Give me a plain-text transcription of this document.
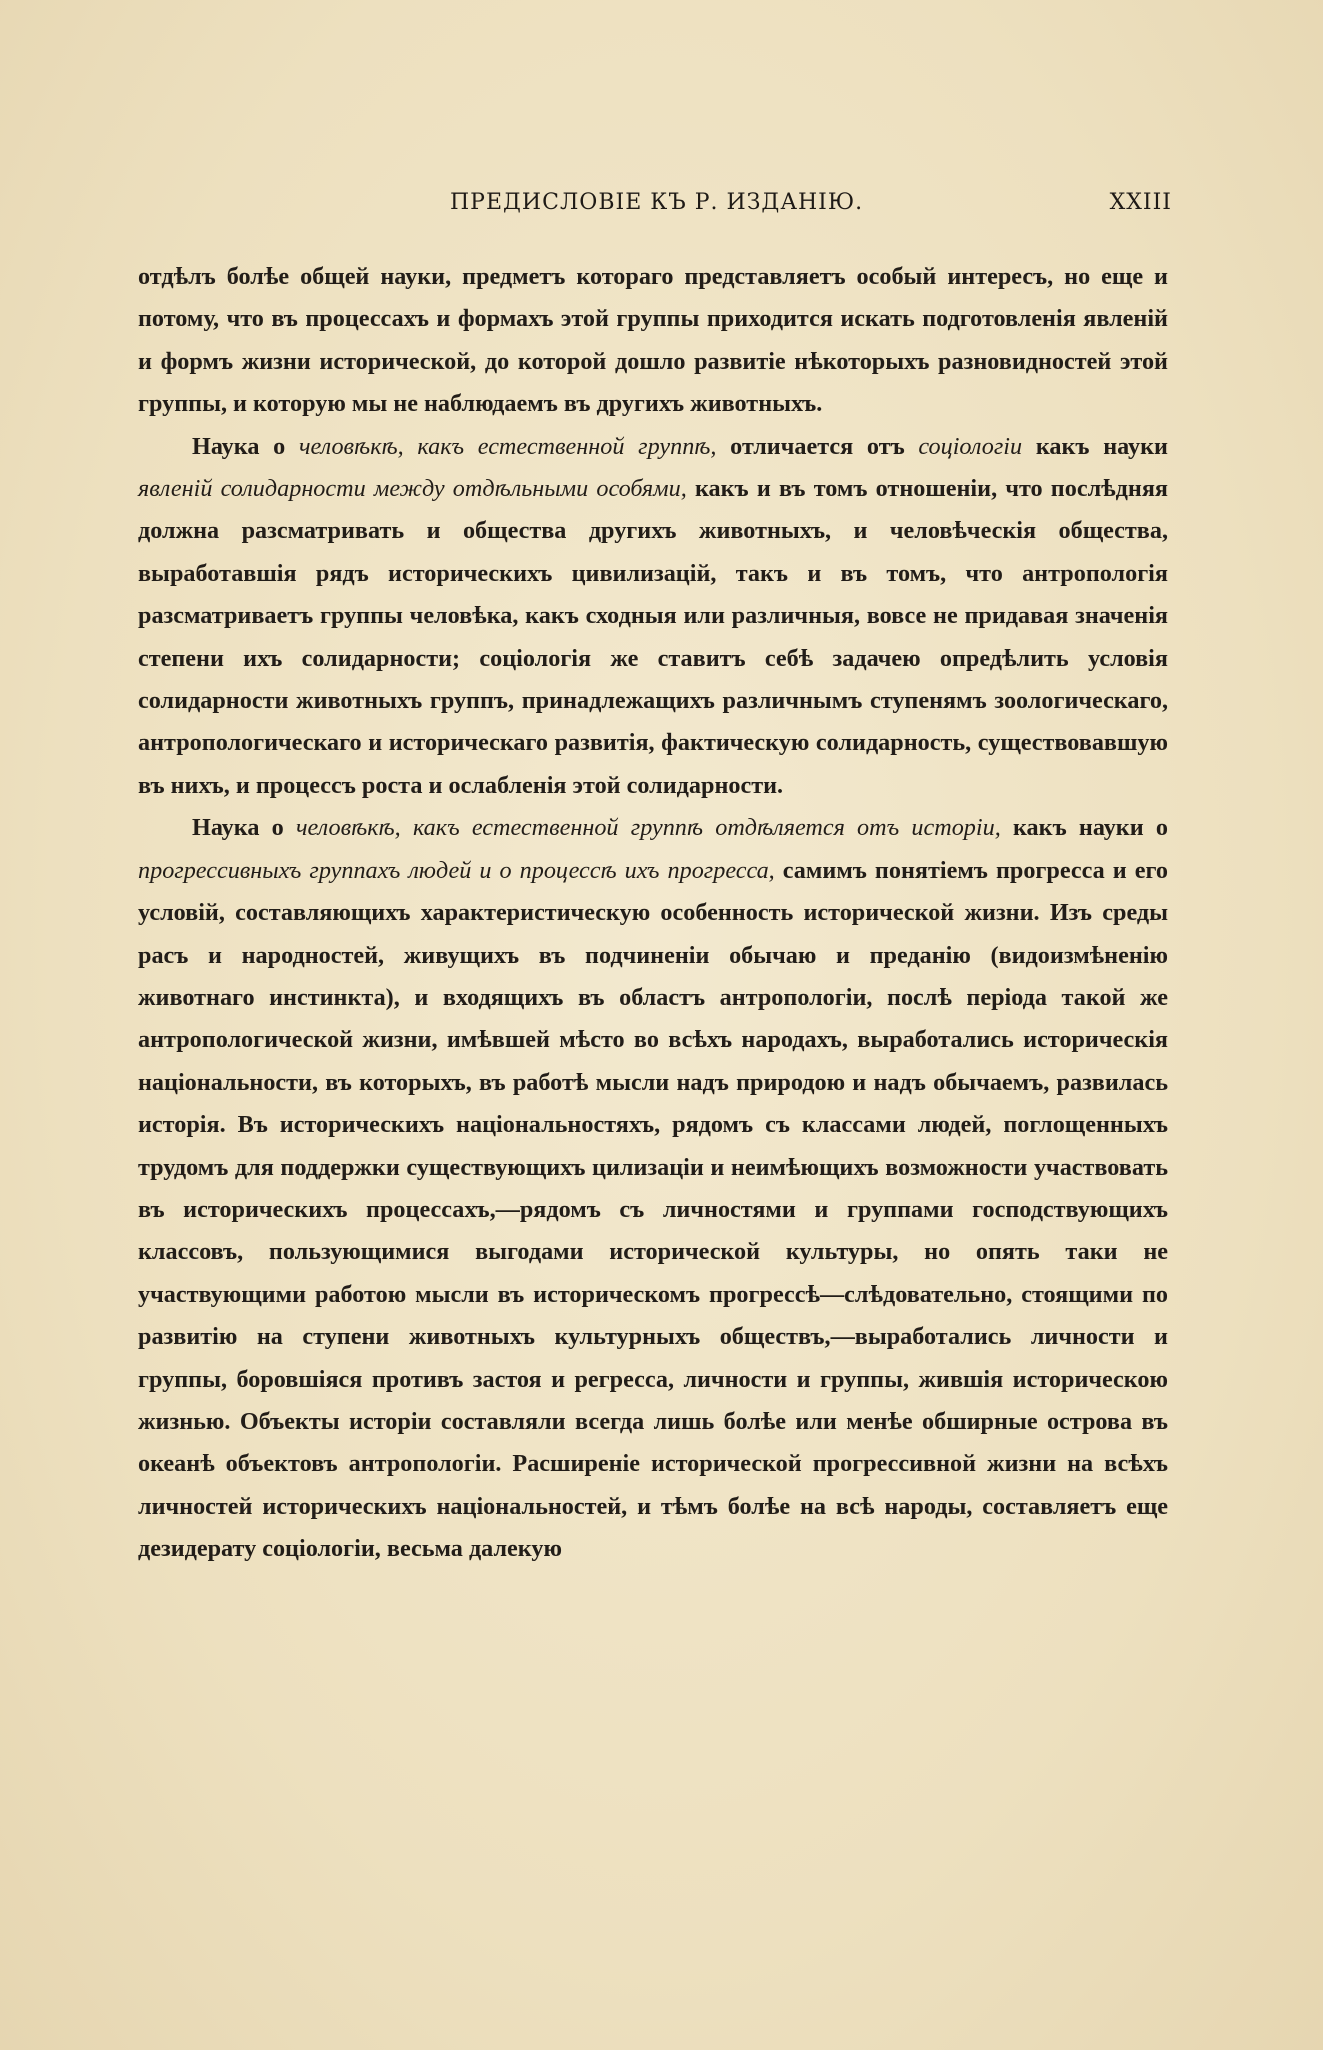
ПРЕДИСЛОВІЕ КЪ Р. ИЗДАНІЮ.	XXIII

отдѣлъ болѣе общей науки, предметъ котораго представляетъ особый интересъ, но еще и потому, что въ процессахъ и формахъ этой группы приходится искать подготовленія явленій и формъ жизни исторической, до которой дошло развитіе нѣкоторыхъ разновидностей этой группы, и которую мы не наблюдаемъ въ другихъ животныхъ.

Наука о человѣкѣ, какъ естественной группѣ, отличается отъ соціологіи какъ науки явленій солидарности между отдѣльными особями, какъ и въ томъ отношеніи, что послѣдняя должна разсматривать и общества другихъ животныхъ, и человѣческія общества, выработавшія рядъ историческихъ цивилизацій, такъ и въ томъ, что антропологія разсматриваетъ группы человѣка, какъ сходныя или различныя, вовсе не придавая значенія степени ихъ солидарности; соціологія же ставитъ себѣ задачею опредѣлить условія солидарности животныхъ группъ, принадлежащихъ различнымъ ступенямъ зоологическаго, антропологическаго и историческаго развитія, фактическую солидарность, существовавшую въ нихъ, и процессъ роста и ослабленія этой солидарности.

Наука о человѣкѣ, какъ естественной группѣ отдѣляется отъ исторіи, какъ науки о прогрессивныхъ группахъ людей и о процессѣ ихъ прогресса, самимъ понятіемъ прогресса и его условій, составляющихъ характеристическую особенность исторической жизни. Изъ среды расъ и народностей, живущихъ въ подчиненіи обычаю и преданію (видоизмѣненію животнаго инстинкта), и входящихъ въ областъ антропологіи, послѣ періода такой же антропологической жизни, имѣвшей мѣсто во всѣхъ народахъ, выработались историческія національности, въ которыхъ, въ работѣ мысли надъ природою и надъ обычаемъ, развилась исторія. Въ историческихъ національностяхъ, рядомъ съ классами людей, поглощенныхъ трудомъ для поддержки существующихъ цилизаціи и неимѣющихъ возможности участвовать въ историческихъ процессахъ,—рядомъ съ личностями и группами господствующихъ классовъ, пользующимися выгодами исторической культуры, но опять таки не участвующими работою мысли въ историческомъ прогрессѣ—слѣдовательно, стоящими по развитію на ступени животныхъ культурныхъ обществъ,—выработались личности и группы, боровшіяся противъ застоя и регресса, личности и группы, жившія историческою жизнью. Объекты исторіи составляли всегда лишь болѣе или менѣе обширные острова въ океанѣ объектовъ антропологіи. Расширеніе исторической прогрессивной жизни на всѣхъ личностей историческихъ національностей, и тѣмъ болѣе на всѣ народы, составляетъ еще дезидерату соціологіи, весьма далекую
